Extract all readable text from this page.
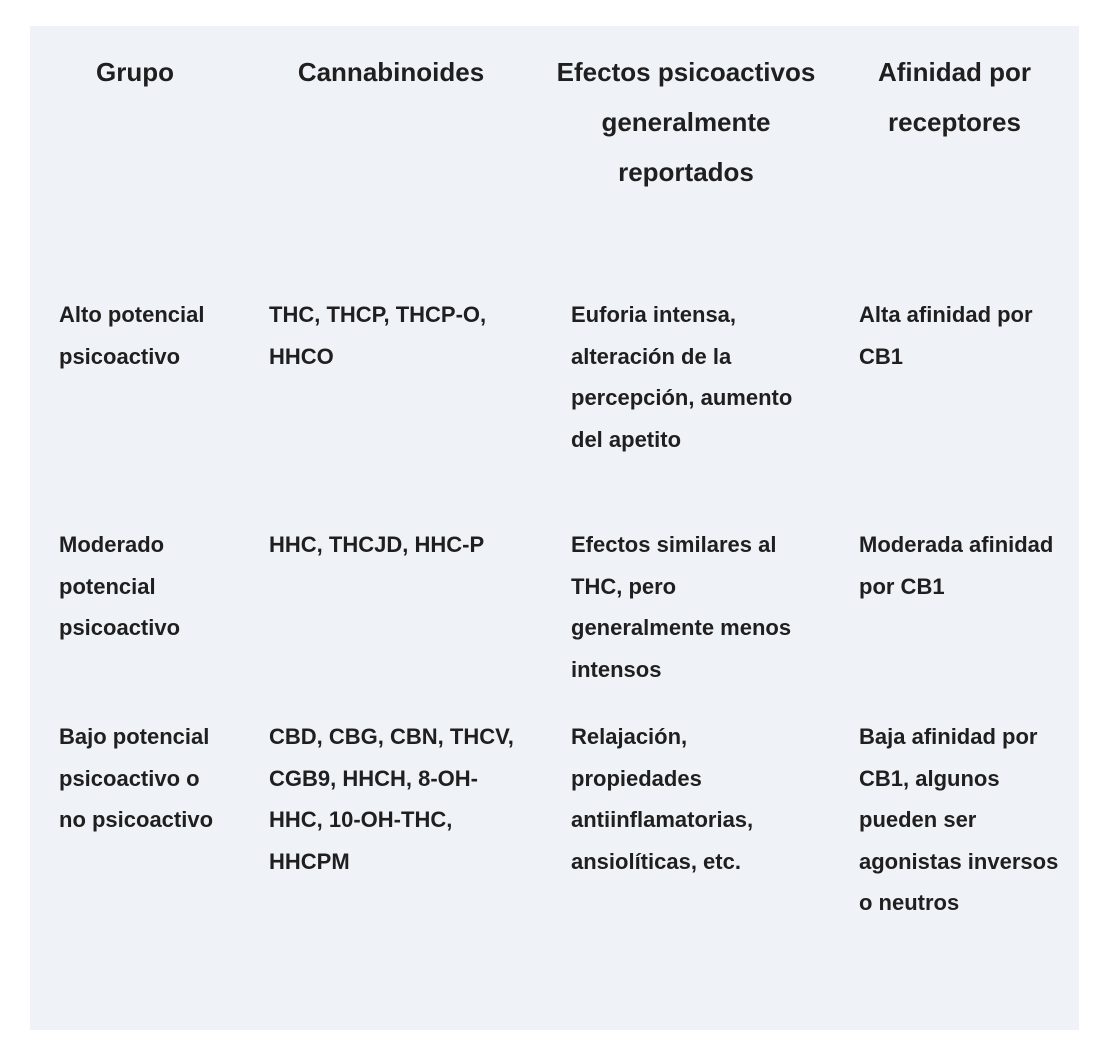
Grupo	Cannabinoides	Efectos psicoactivos generalmente reportados	Afinidad por receptores
Alto potencial psicoactivo	THC, THCP, THCP-O, HHCO	Euforia intensa, alteración de la percepción, aumento del apetito	Alta afinidad por CB1
Moderado potencial psicoactivo	HHC, THCJD, HHC-P	Efectos similares al THC, pero generalmente menos intensos	Moderada afinidad por CB1
Bajo potencial psicoactivo o no psicoactivo	CBD, CBG, CBN, THCV, CGB9, HHCH, 8-OH-HHC, 10-OH-THC, HHCPM	Relajación, propiedades antiinflamatorias, ansiolíticas, etc.	Baja afinidad por CB1, algunos pueden ser agonistas inversos o neutros
